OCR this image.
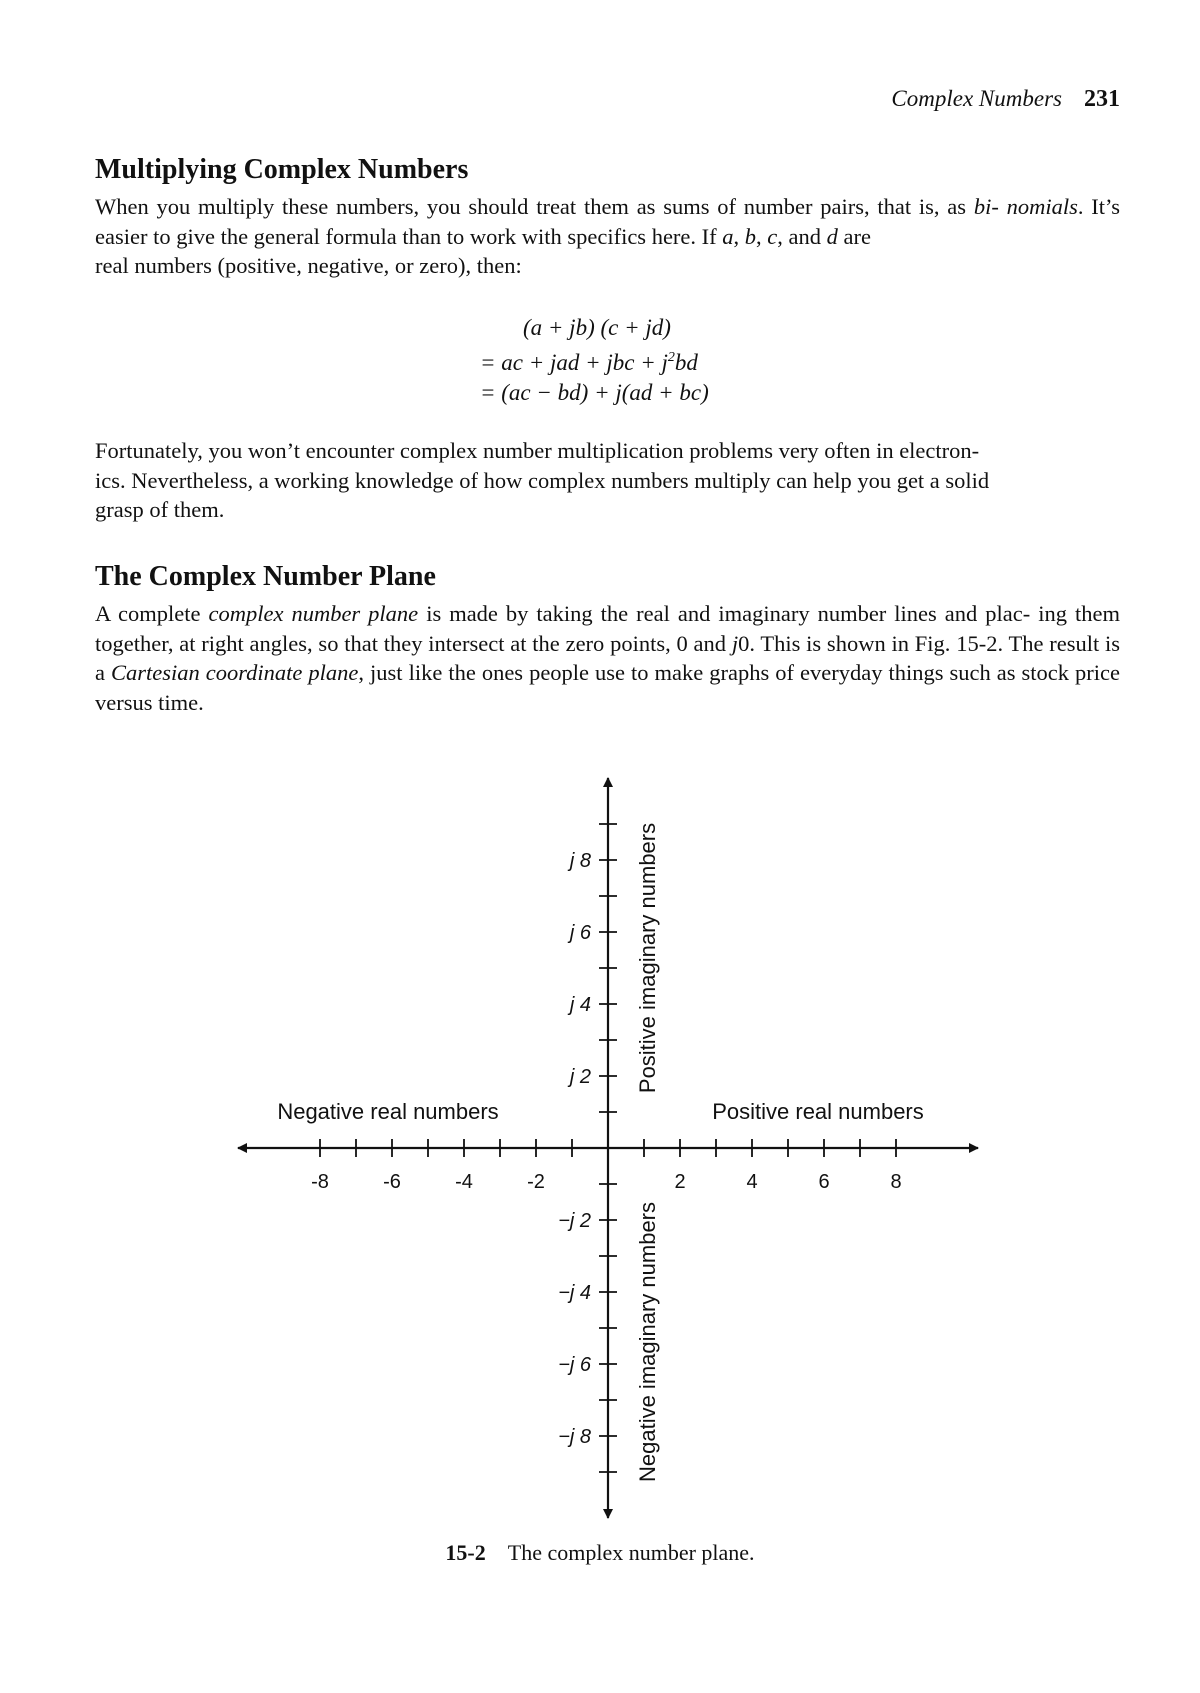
Complex Numbers 231
Multiplying Complex Numbers

When you multiply these numbers, you should treat them as sums of number pairs, that is, as bi- nomials. It’s easier to give the general formula than to work with specifics here. If a, b, c, and d are
real numbers (positive, negative, or zero), then:

(a + jb) (c + jd)
= ac + jad + jbc + $j^2bd$
= (ac − bd) + j(ad + bc)

Fortunately, you won’t encounter complex number multiplication problems very often in electron-
ics. Nevertheless, a working knowledge of how complex numbers multiply can help you get a solid
grasp of them.

The Complex Number Plane

A complete complex number plane is made by taking the real and imaginary number lines and plac- ing them together, at right angles, so that they intersect at the zero points, 0 and j0. This is shown in Fig. 15-2. The result is a Cartesian coordinate plane, just like the ones people use to make graphs of everyday things such as stock price versus time.

-8	-6	-4	-2	2	4	6	8
j 8
j 6
j 4
j 2
−j 2
−j 4
−j 6
−j 8
Negative real numbers	Positive real numbers
Positive imaginary numbers
Negative imaginary numbers
15-2 The complex number plane.
